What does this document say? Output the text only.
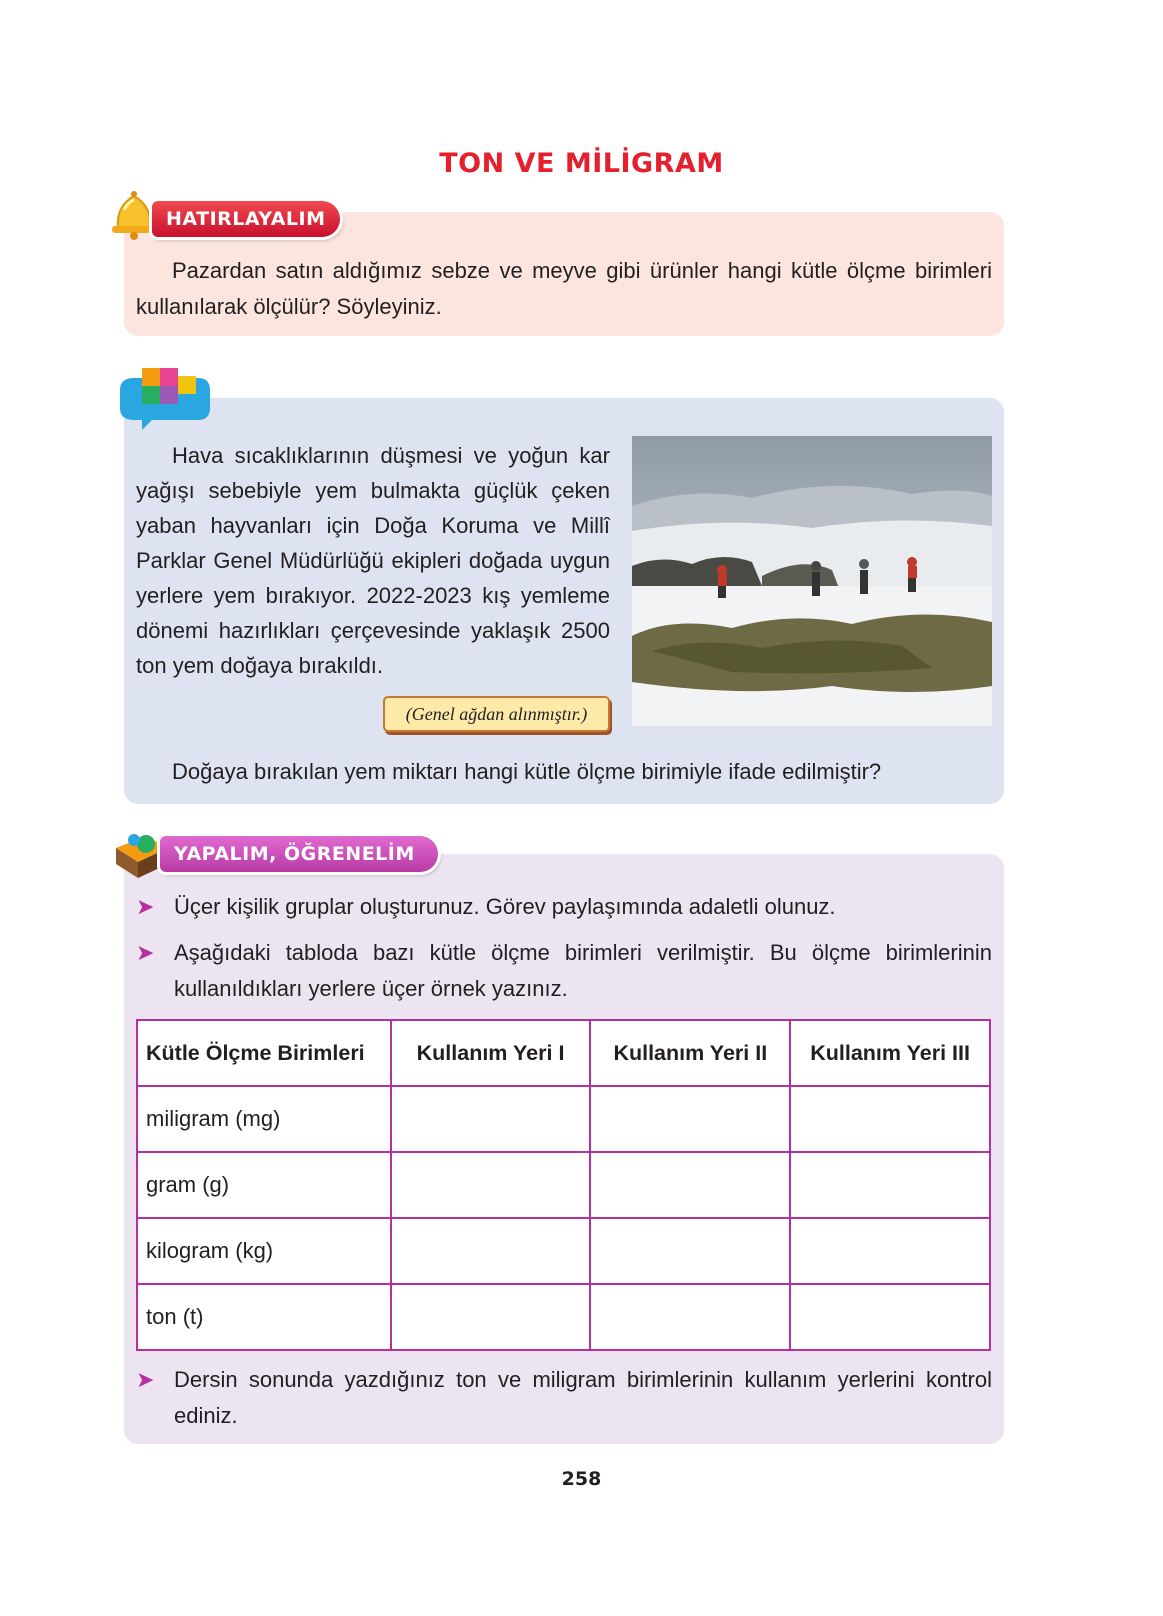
TON VE MİLİGRAM
HATIRLAYALIM
Pazardan satın aldığımız sebze ve meyve gibi ürünler hangi kütle ölçme birimleri kullanılarak ölçülür? Söyleyiniz.

Hava sıcaklıklarının düşmesi ve yoğun kar yağışı sebebiyle yem bulmakta güçlük çeken yaban hayvanları için Doğa Koruma ve Millî Parklar Genel Müdürlüğü ekipleri doğada uygun yerlere yem bırakıyor. 2022-2023 kış yemleme dönemi hazırlıkları çerçevesinde yaklaşık 2500 ton yem doğaya bırakıldı.

(Genel ağdan alınmıştır.)
Doğaya bırakılan yem miktarı hangi kütle ölçme birimiyle ifade edilmiştir?
YAPALIM, ÖĞRENELİM
➤ Üçer kişilik gruplar oluşturunuz. Görev paylaşımında adaletli olunuz.
➤ Aşağıdaki tabloda bazı kütle ölçme birimleri verilmiştir. Bu ölçme birimlerinin kullanıldıkları yerlere üçer örnek yazınız.
Kütle Ölçme Birimleri	Kullanım Yeri I	Kullanım Yeri II	Kullanım Yeri III
miligram (mg)			
gram (g)			
kilogram (kg)			
ton (t)			
➤ Dersin sonunda yazdığınız ton ve miligram birimlerinin kullanım yerlerini kontrol ediniz.
258
